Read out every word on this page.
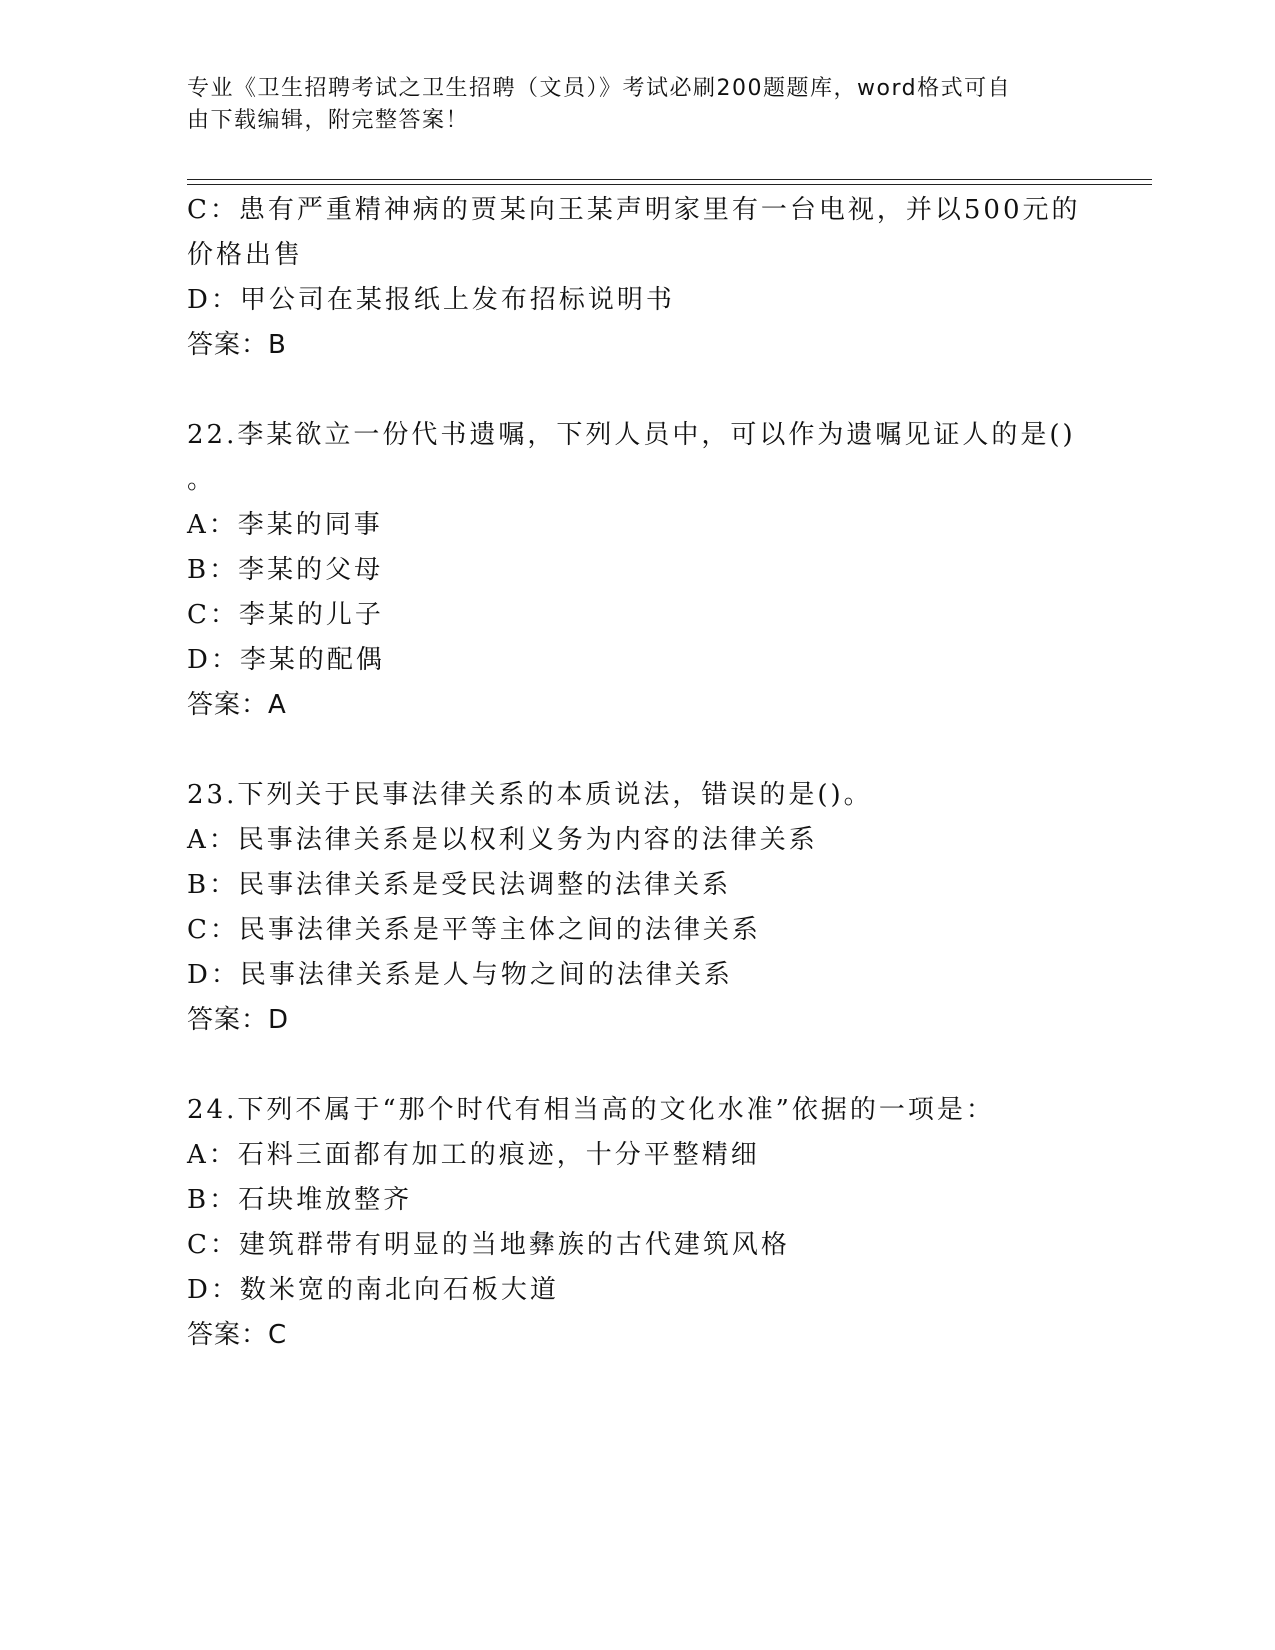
专业《卫生招聘考试之卫生招聘（文员）》考试必刷200题题库，word格式可自
由下载编辑，附完整答案！
C：患有严重精神病的贾某向王某声明家里有一台电视，并以500元的
价格出售
D：甲公司在某报纸上发布招标说明书
答案：B
22.李某欲立一份代书遗嘱，下列人员中，可以作为遗嘱见证人的是()
。
A：李某的同事
B：李某的父母
C：李某的儿子
D：李某的配偶
答案：A
23.下列关于民事法律关系的本质说法，错误的是()。
A：民事法律关系是以权利义务为内容的法律关系
B：民事法律关系是受民法调整的法律关系
C：民事法律关系是平等主体之间的法律关系
D：民事法律关系是人与物之间的法律关系
答案：D
24.下列不属于“那个时代有相当高的文化水准”依据的一项是：
A：石料三面都有加工的痕迹，十分平整精细
B：石块堆放整齐
C：建筑群带有明显的当地彝族的古代建筑风格
D：数米宽的南北向石板大道
答案：C
